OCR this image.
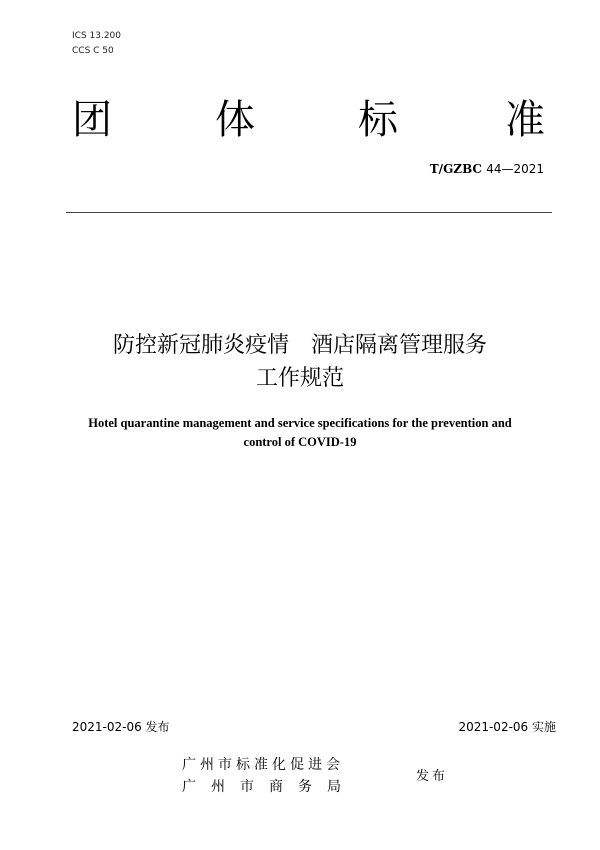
ICS 13.200
CCS C 50
团	体	标	准
T/GZBC 44—2021
防控新冠肺炎疫情　酒店隔离管理服务
工作规范
Hotel quarantine management and service specifications for the prevention and
control of COVID-19
2021-02-06 发布	2021-02-06 实施
广州市标准化促进会
广州市商务局
发布
